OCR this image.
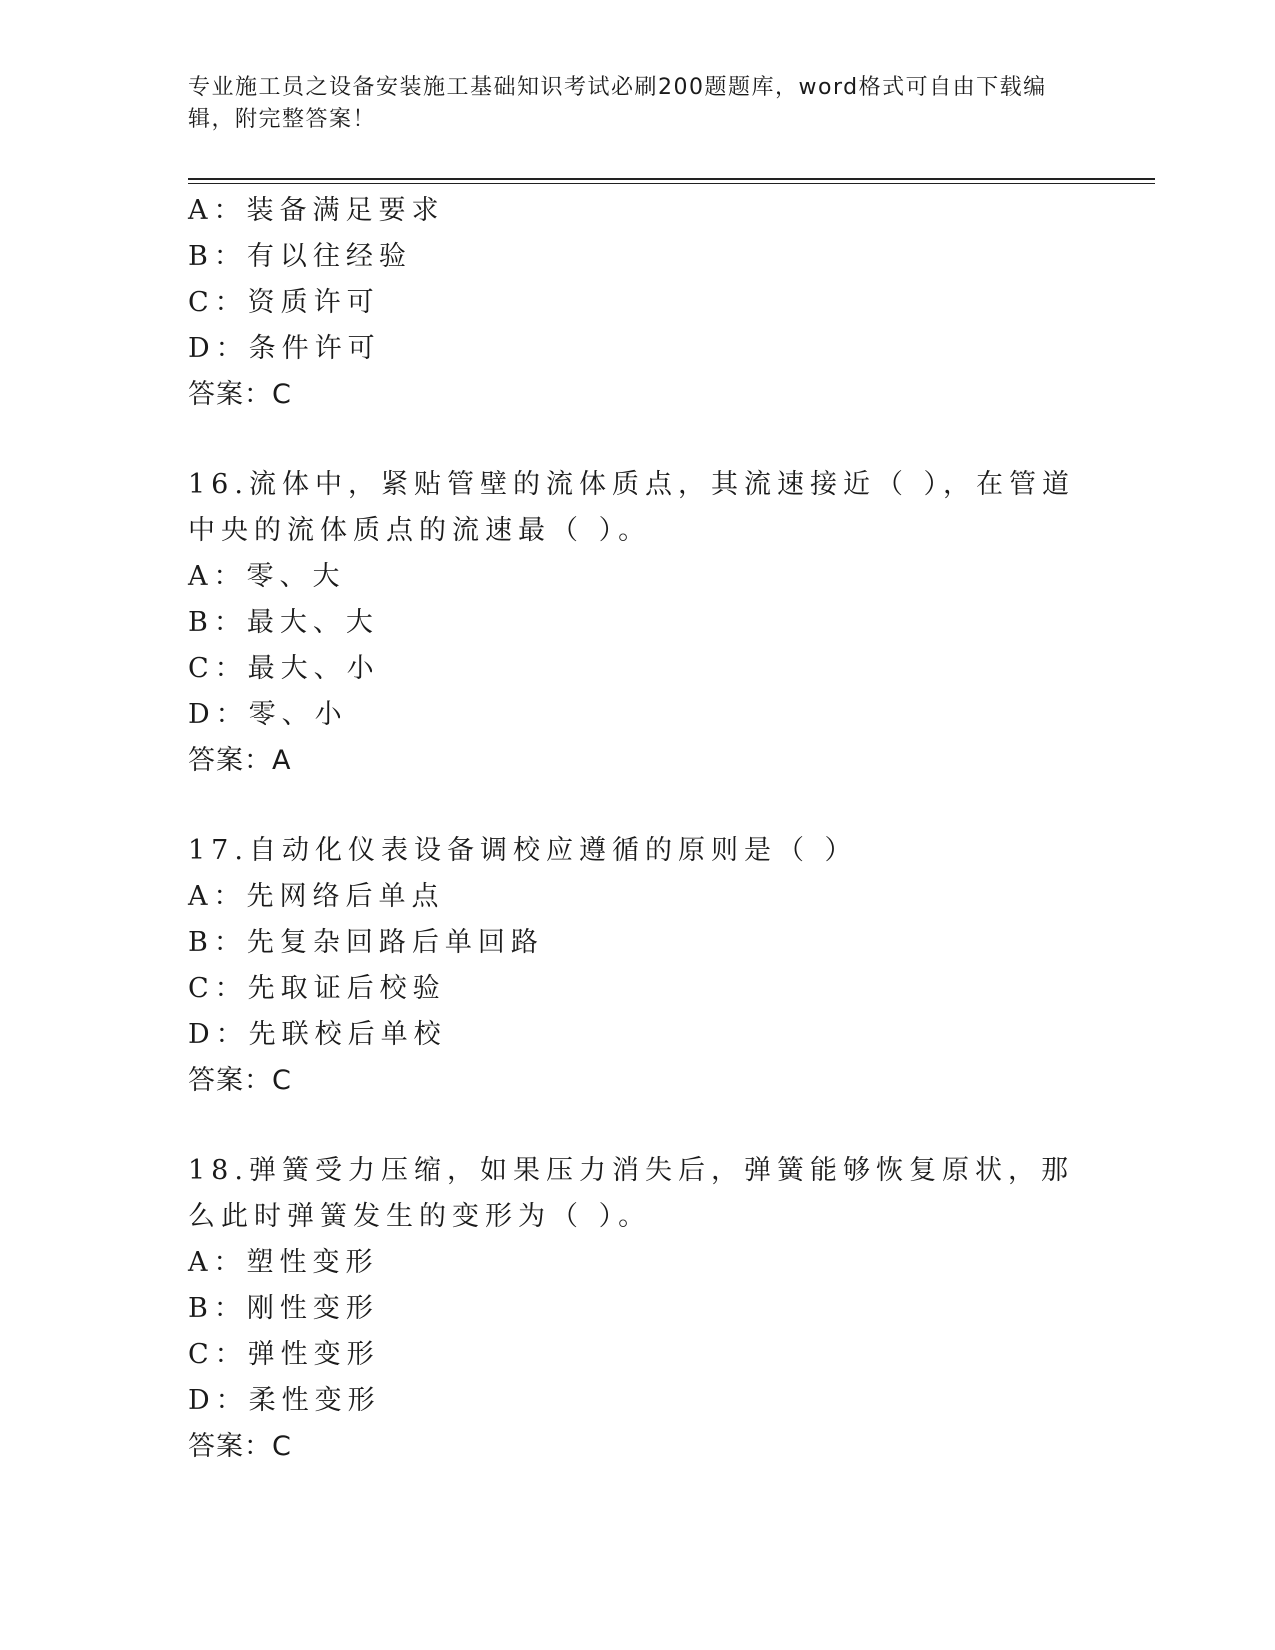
专业施工员之设备安装施工基础知识考试必刷200题题库，word格式可自由下载编辑，附完整答案！
A：装备满足要求
B：有以往经验
C：资质许可
D：条件许可
答案：C
16.流体中，紧贴管壁的流体质点，其流速接近（ ），在管道中央的流体质点的流速最（ ）。
A：零、大
B：最大、大
C：最大、小
D：零、小
答案：A
17.自动化仪表设备调校应遵循的原则是（ ）
A：先网络后单点
B：先复杂回路后单回路
C：先取证后校验
D：先联校后单校
答案：C
18.弹簧受力压缩，如果压力消失后，弹簧能够恢复原状，那么此时弹簧发生的变形为（ ）。
A：塑性变形
B：刚性变形
C：弹性变形
D：柔性变形
答案：C
